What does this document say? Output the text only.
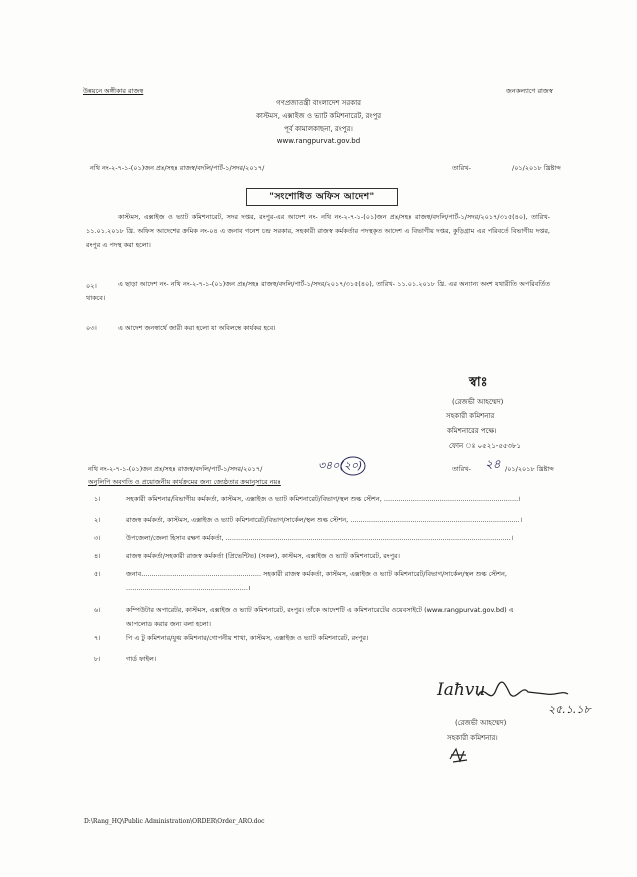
উন্নয়নে অঙ্গীকার রাজস্ব	জনকল্যাণে রাজস্ব
গণপ্রজাতন্ত্রী বাংলাদেশ সরকার
কাস্টমস, এক্সাইজ ও ভ্যাট কমিশনারেট, রংপুর
পূর্ব কামালকাছনা, রংপুর।
www.rangpurvat.gov.bd
নথি নং-২-৭-১-(০১)জন প্রঃ/সহঃ রাজস্ব/বদলি/পার্ট-১/সদর/২০১৭/	তারিখ-	/০১/২০১৮ খ্রিষ্টাব্দ
"সংশোধিত অফিস আদেশ"
কাস্টমস, এক্সাইজ ও ভ্যাট কমিশনারেট, সদর দপ্তর, রংপুর-এর আদেশ নং- নথি নং-২-৭-১-(০১)জন প্রঃ/সহঃ রাজস্ব/বদলি/পার্ট-১/সদর/২০১৭/৩১৫(৪০), তারিখ- ১১.০১.২০১৮ খ্রি. অফিস আদেশের ক্রমিক নং-০৪ এ জনাব গনেশ চন্দ্র সরকার, সহকারী রাজস্ব কর্মকর্তার পদস্থকৃত আদেশ এ বিভাগীয় দপ্তর, কুড়িগ্রাম এর পরিবর্তে বিভাগীয় দপ্তর, রংপুর এ পদস্থ করা হলো।
০২।	এ ছাড়া আদেশ নং- নথি নং-২-৭-১-(০১)জন প্রঃ/সহঃ রাজস্ব/বদলি/পার্ট-১/সদর/২০১৭/৩১৫(৪০), তারিখ- ১১.০১.২০১৮ খ্রি. এর অন্যান্য অংশ যথারীতি অপরিবর্তিত থাকবে।
০৩।	এ আদেশ জনস্বার্থে জারী করা হলো যা অবিলম্বে কার্যকর হবে।
স্বাঃ
(রেজভী আহম্মেদ)
সহকারী কমিশনার
কমিশনারের পক্ষে।
ফোন ঃ ০৫২১-৫৫৩৮১
নথি নং-২-৭-১-(০১)জন প্রঃ/সহঃ রাজস্ব/বদলি/পার্ট-১/সদর/২০১৭/	৩৪০(২০)	তারিখ- ২৪ /০১/২০১৮ খ্রিষ্টাব্দ
অনুলিপি অবগতি ও প্রয়োজনীয় কার্যক্রমের জন্য জ্যেষ্ঠতার ক্রমানুসারে নয়ঃ
১।	সহকারী কমিশনার/বিভাগীয় কর্মকর্তা, কাস্টমস, এক্সাইজ ও ভ্যাট কমিশনারেট/বিভাগ/স্থল শুল্ক স্টেশন, .................................................................।
২।	রাজস্ব কর্মকর্তা, কাস্টমস, এক্সাইজ ও ভ্যাট কমিশনারেট/বিভাগ/সার্কেল/স্থল শুল্ক স্টেশন, ..................................................................................।
৩।	উপজেলা/জেলা হিসাব রক্ষণ কর্মকর্তা, ..........................................................................................................................................।
৪।	রাজস্ব কর্মকর্তা/সহকারী রাজস্ব কর্মকর্তা (প্রিভেন্টিভ) (সকল), কাস্টমস, এক্সাইজ ও ভ্যাট কমিশনারেট, রংপুর।
৫।	জনাব.......................................................... সহকারী রাজস্ব কর্মকর্তা, কাস্টমস, এক্সাইজ ও ভ্যাট কমিশনারেট/বিভাগ/সার্কেল/স্থল শুল্ক স্টেশন,
...........................................................।
৬।	কম্পিউটার অপারেটর, কাস্টমস, এক্সাইজ ও ভ্যাট কমিশনারেট, রংপুর। তাঁকে আদেশটি এ কমিশনারেটের ওয়েবসাইটে (www.rangpurvat.gov.bd) এ
আপলোড করার জন্য বলা হলো।
৭।	পি এ টু কমিশনার/যুগ্ম কমিশনার/গোপনীয় শাখা, কাস্টমস, এক্সাইজ ও ভ্যাট কমিশনারেট, রংপুর।
৮।	গার্ড ফাইল।
Iaħvu
২৫.১.১৮
(রেজভী আহম্মেদ)
সহকারী কমিশনার।
D:\Rang_HQ\Public Administration\ORDER\Order_ARO.doc
